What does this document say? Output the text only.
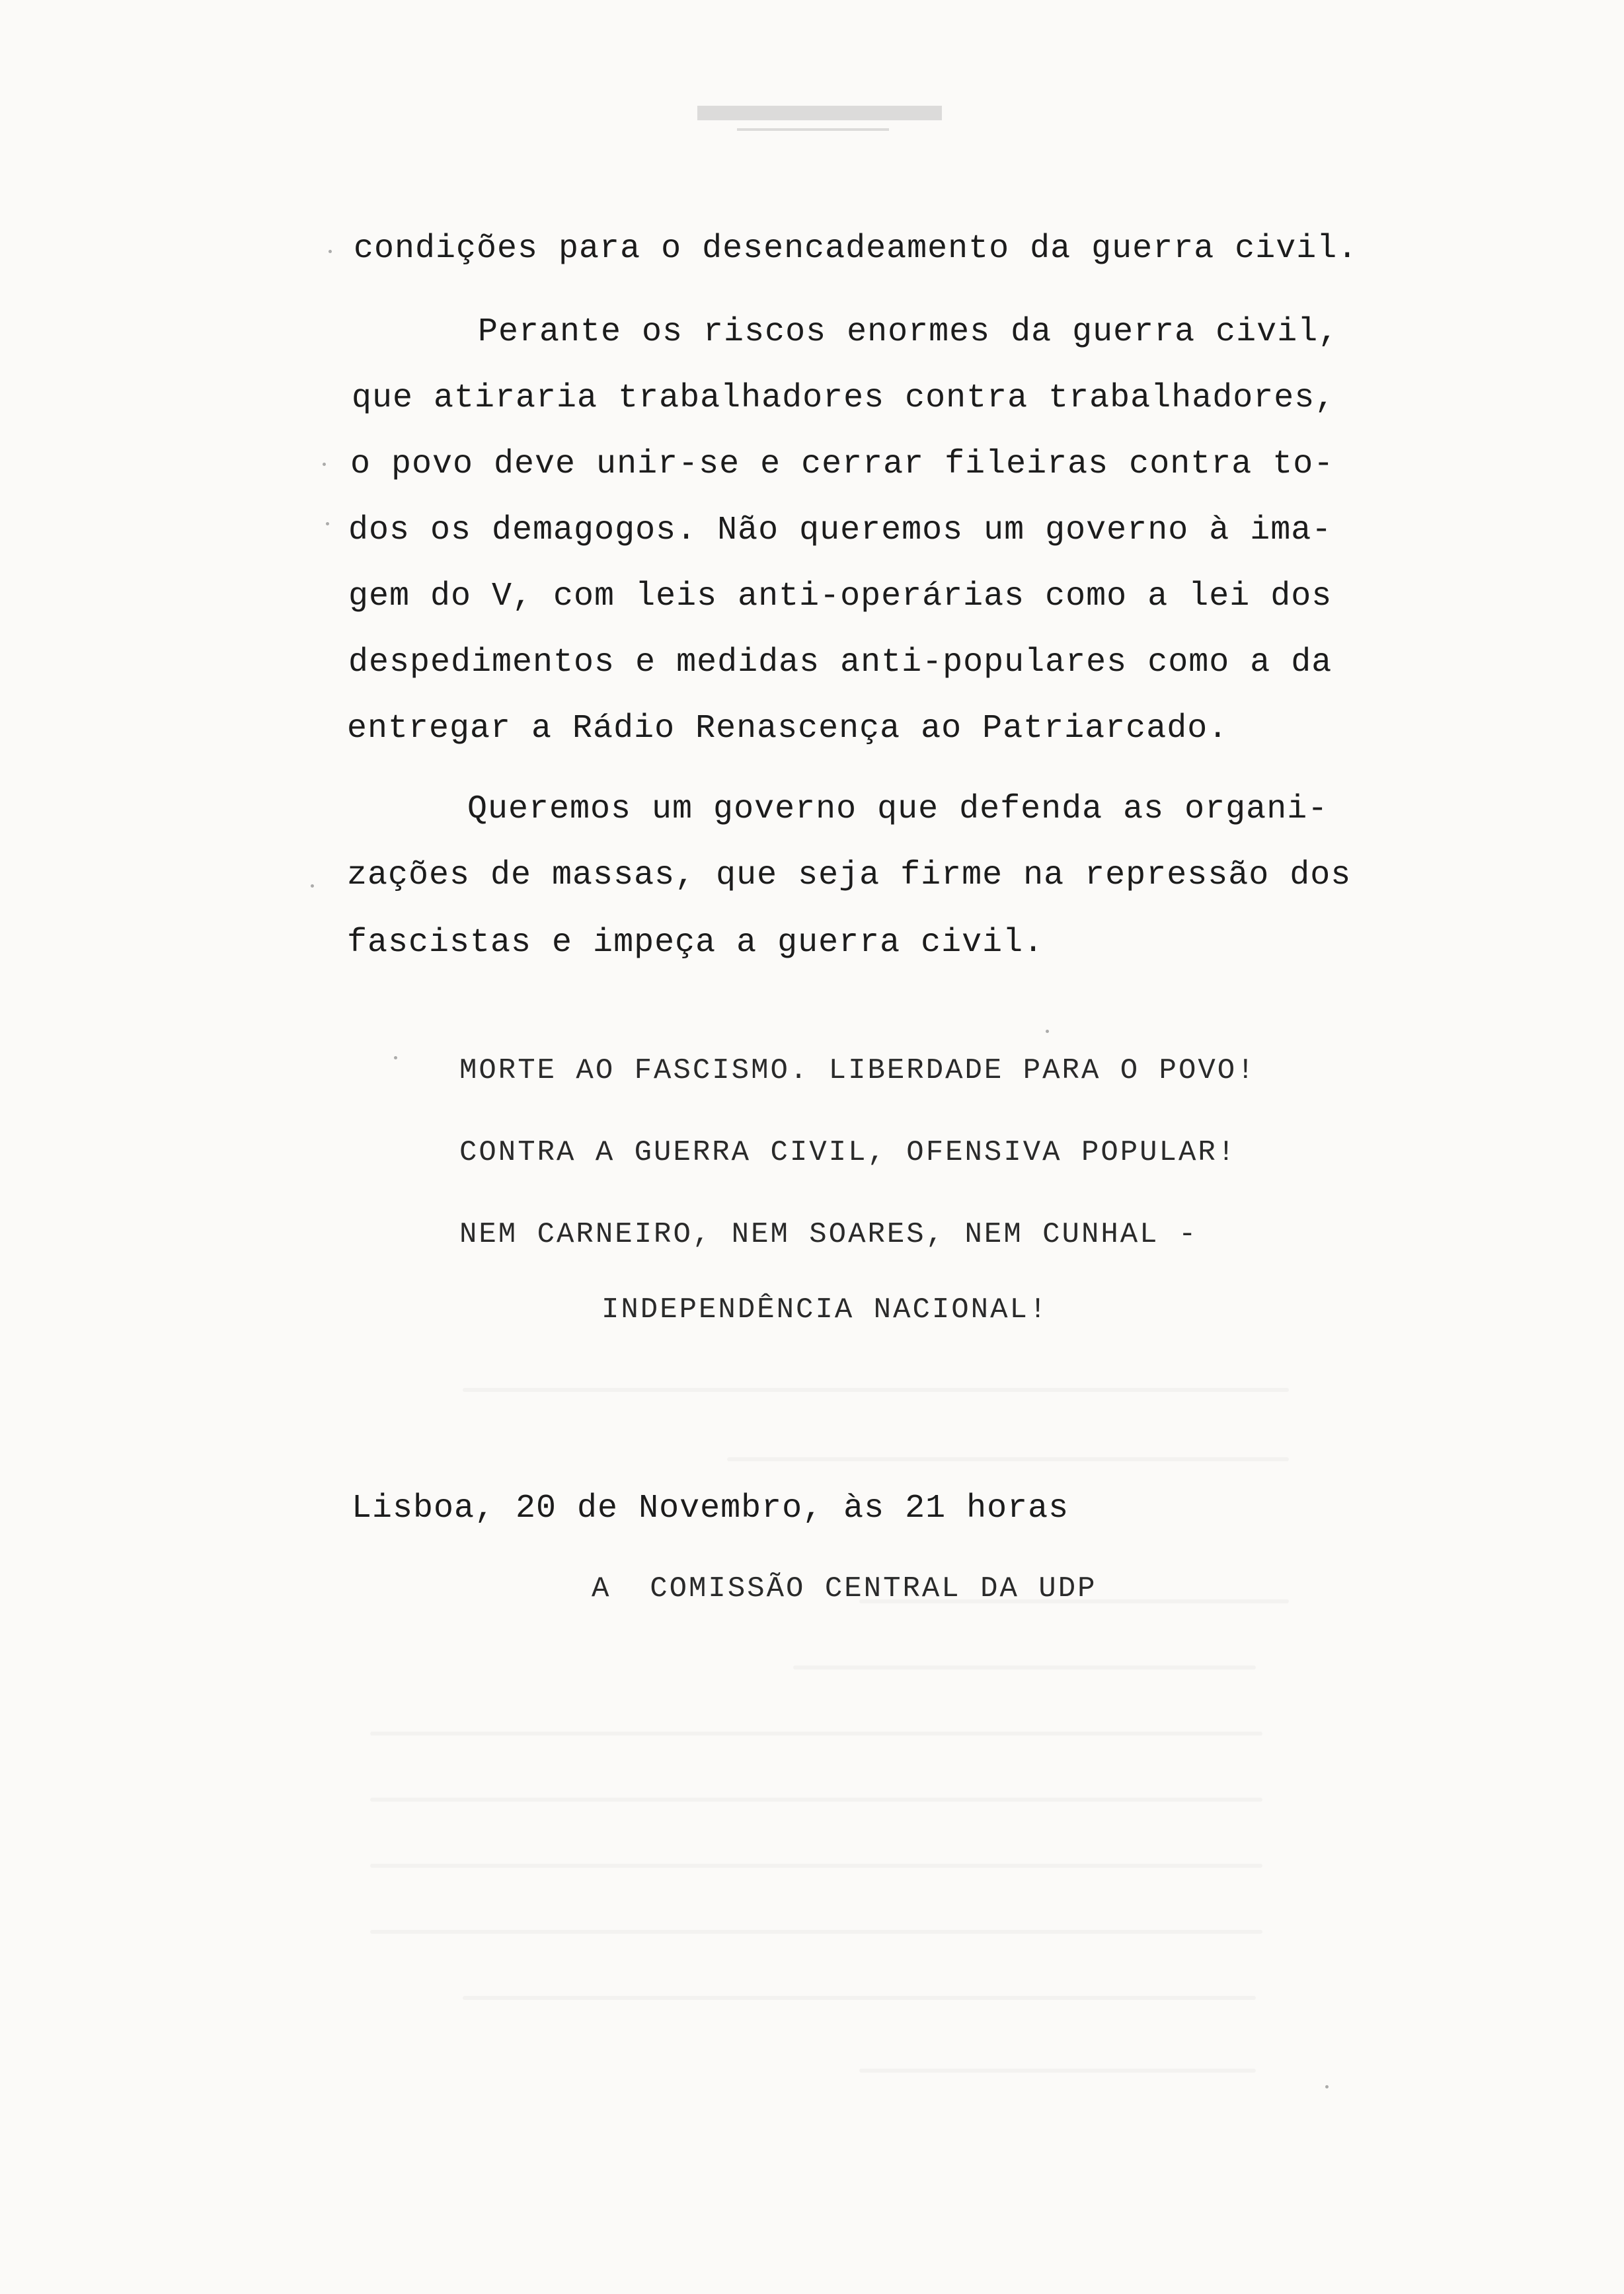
condições para o desencadeamento da guerra civil.
Perante os riscos enormes da guerra civil,
que atiraria trabalhadores contra trabalhadores,
o povo deve unir-se e cerrar fileiras contra to-
dos os demagogos. Não queremos um governo à ima-
gem do V, com leis anti-operárias como a lei dos
despedimentos e medidas anti-populares como a da
entregar a Rádio Renascença ao Patriarcado.
Queremos um governo que defenda as organi-
zações de massas, que seja firme na repressão dos
fascistas e impeça a guerra civil.
MORTE AO FASCISMO. LIBERDADE PARA O POVO!
CONTRA A GUERRA CIVIL, OFENSIVA POPULAR!
NEM CARNEIRO, NEM SOARES, NEM CUNHAL -
INDEPENDÊNCIA NACIONAL!
Lisboa, 20 de Novembro, às 21 horas
A  COMISSÃO CENTRAL DA UDP
